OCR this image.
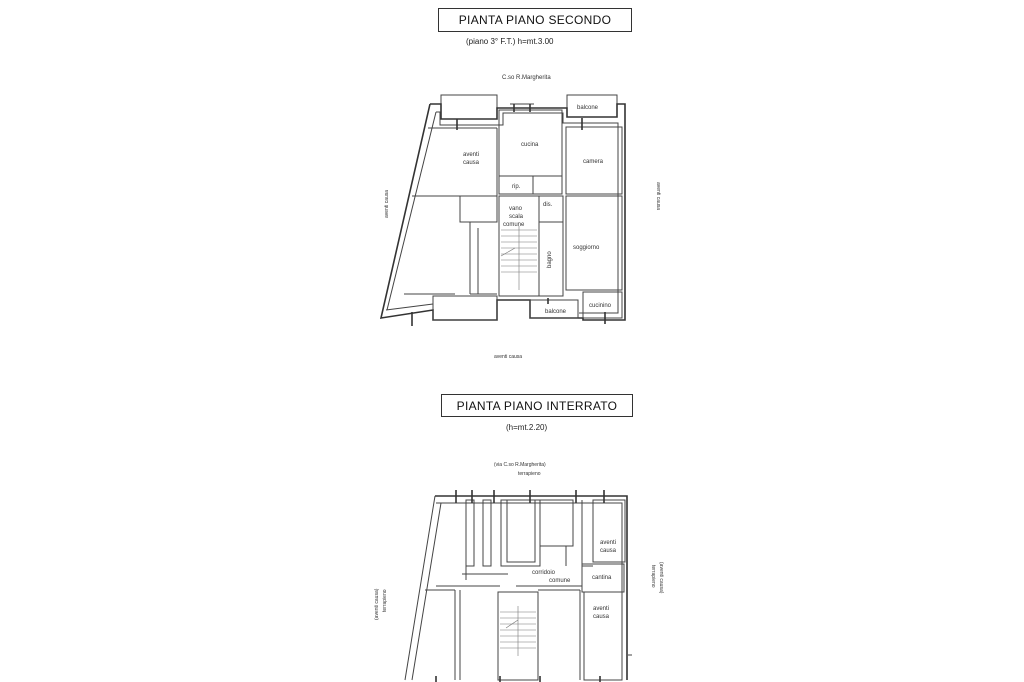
PIANTA PIANO SECONDO
(piano 3° F.T.) h=mt.3.00
PIANTA PIANO INTERRATO
(h=mt.2.20)
C.so R.Margherita
balcone
aventi
causa
cucina
camera
rip.
vano
scala
comune
dis.
soggiorno
cucinino
balcone
aventi causa
bagno
aventi causa	aventi causa
(via C.so R.Margherita)
terrapieno
aventi
causa
corridoio
comune	cantina
aventi
causa
(aventi causa) terrapieno
terrapieno (aventi causa)
